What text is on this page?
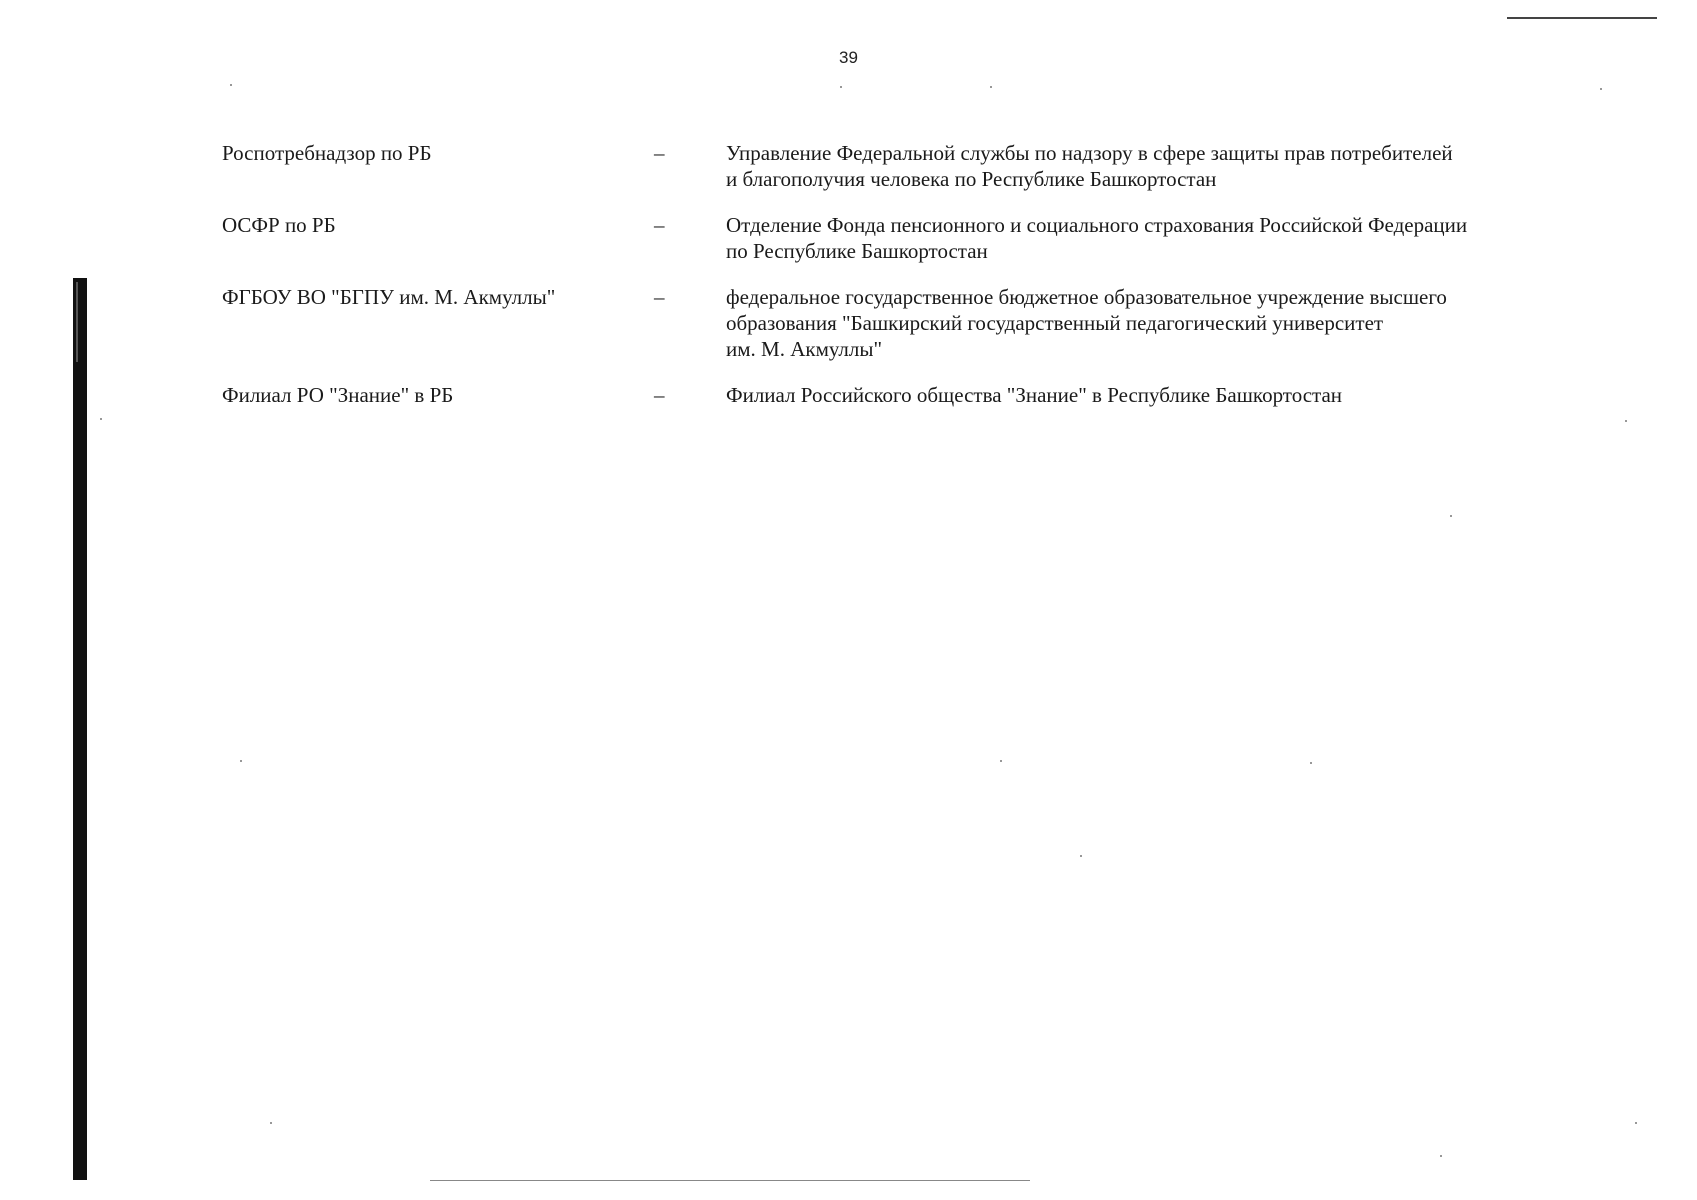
39
Роспотребнадзор по РБ	–	Управление Федеральной службы по надзору в сфере защиты прав потребителей
и благополучия человека по Республике Башкортостан
ОСФР по РБ	–	Отделение Фонда пенсионного и социального страхования Российской Федерации
по Республике Башкортостан
ФГБОУ ВО "БГПУ им. М. Акмуллы"	–	федеральное государственное бюджетное образовательное учреждение высшего
образования "Башкирский государственный педагогический университет
им. М. Акмуллы"
Филиал РО "Знание" в РБ	–	Филиал Российского общества "Знание" в Республике Башкортостан
